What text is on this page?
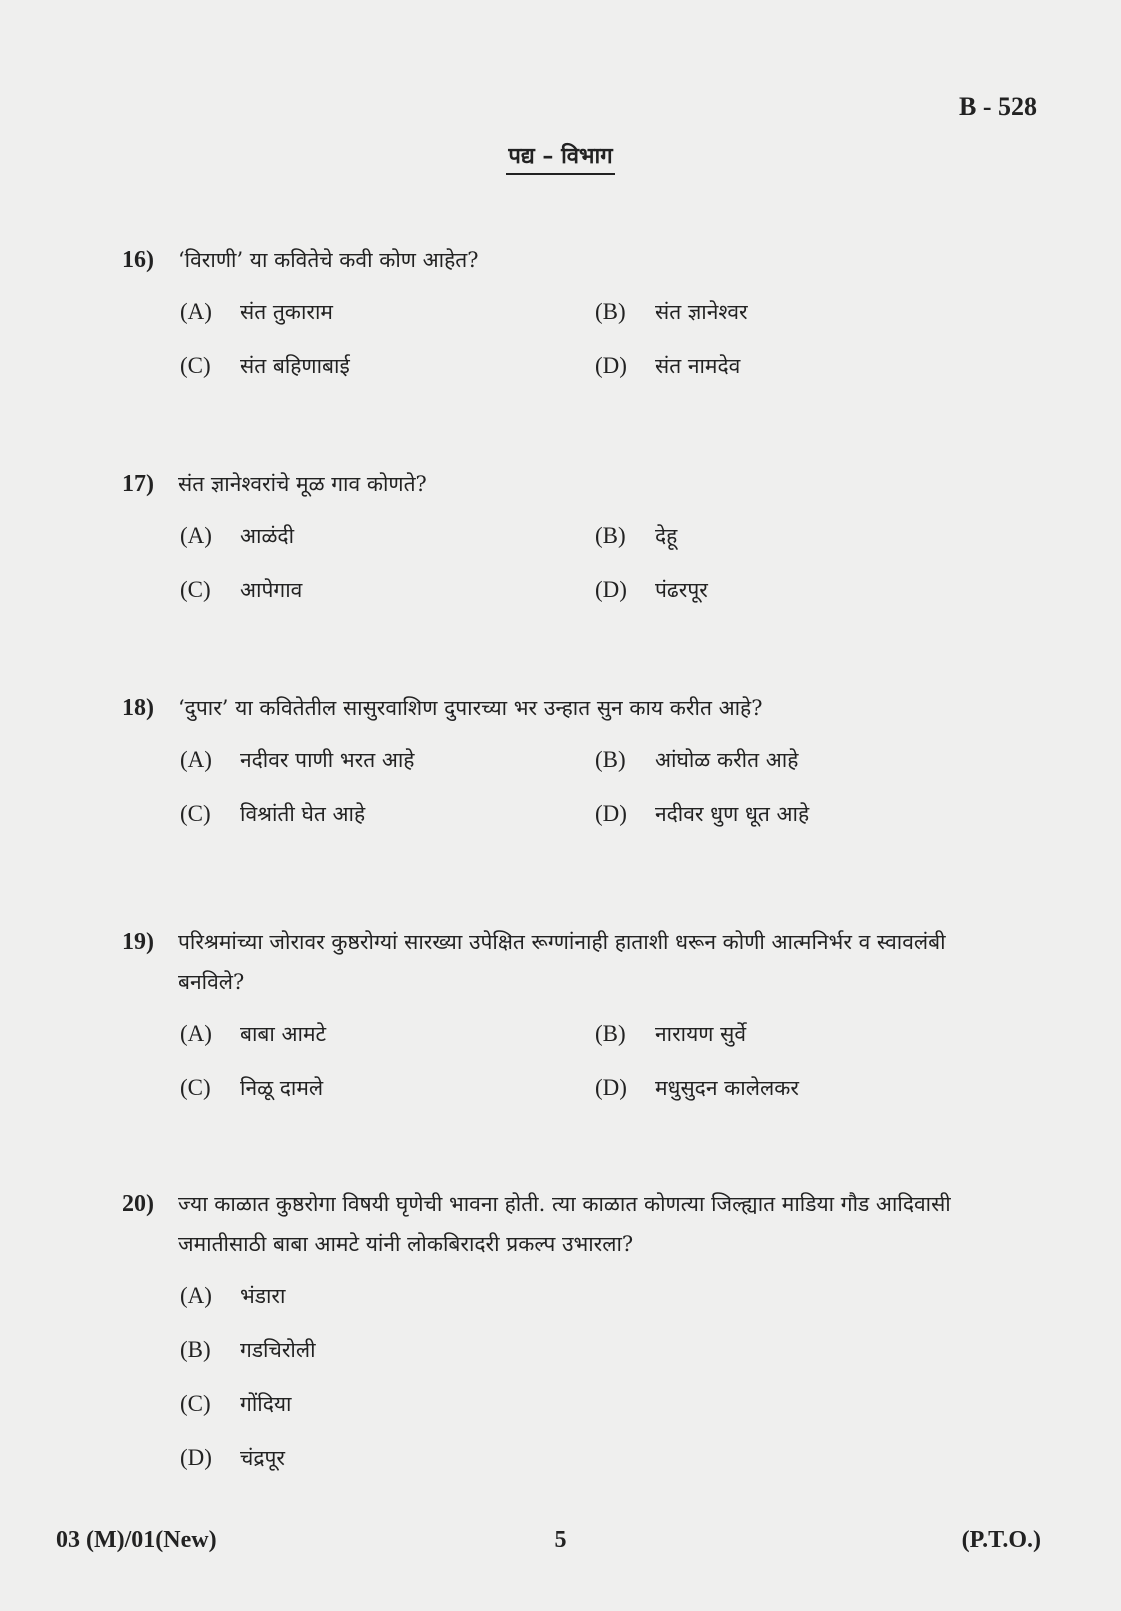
B - 528
पद्य – विभाग
16)	‘विराणी’ या कवितेचे कवी कोण आहेत?
(A)	संत तुकाराम	(B)	संत ज्ञानेश्वर
(C)	संत बहिणाबाई	(D)	संत नामदेव
17)	संत ज्ञानेश्वरांचे मूळ गाव कोणते?
(A)	आळंदी	(B)	देहू
(C)	आपेगाव	(D)	पंढरपूर
18)	‘दुपार’ या कवितेतील सासुरवाशिण दुपारच्या भर उन्हात सुन काय करीत आहे?
(A)	नदीवर पाणी भरत आहे	(B)	आंघोळ करीत आहे
(C)	विश्रांती घेत आहे	(D)	नदीवर धुण धूत आहे
19)	परिश्रमांच्या जोरावर कुष्ठरोग्यां सारख्या उपेक्षित रूग्णांनाही हाताशी धरून कोणी आत्मनिर्भर व स्वावलंबी बनविले?
(A)	बाबा आमटे	(B)	नारायण सुर्वे
(C)	निळू दामले	(D)	मधुसुदन कालेलकर
20)	ज्या काळात कुष्ठरोगा विषयी घृणेची भावना होती. त्या काळात कोणत्या जिल्ह्यात माडिया गौड आदिवासी जमातीसाठी बाबा आमटे यांनी लोकबिरादरी प्रकल्प उभारला?
(A)	भंडारा
(B)	गडचिरोली
(C)	गोंदिया
(D)	चंद्रपूर
03 (M)/01(New)	5	(P.T.O.)
